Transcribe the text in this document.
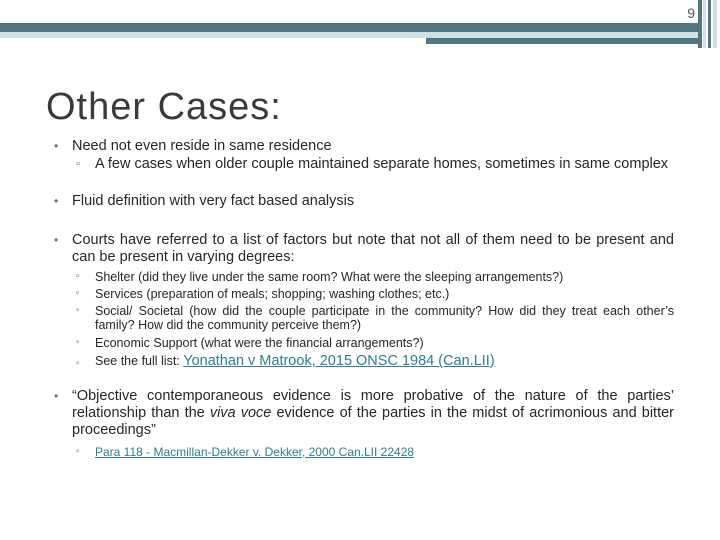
9
Other Cases:
• Need not even reside in same residence
▫ A few cases when older couple maintained separate homes, sometimes in same complex
• Fluid definition with very fact based analysis
• Courts have referred to a list of factors but note that not all of them need to be present and can be present in varying degrees:
▫ Shelter (did they live under the same room? What were the sleeping arrangements?)
▫ Services (preparation of meals; shopping; washing clothes; etc.)
▫ Social/ Societal (how did the couple participate in the community? How did they treat each other’s family? How did the community perceive them?)
▫ Economic Support (what were the financial arrangements?)
▫ See the full list: Yonathan v Matrook, 2015 ONSC 1984 (Can.LII)
• “Objective contemporaneous evidence is more probative of the nature of the parties’ relationship than the viva voce evidence of the parties in the midst of acrimonious and bitter proceedings”
▫ Para 118 - Macmillan-Dekker v. Dekker, 2000 Can.LII 22428
